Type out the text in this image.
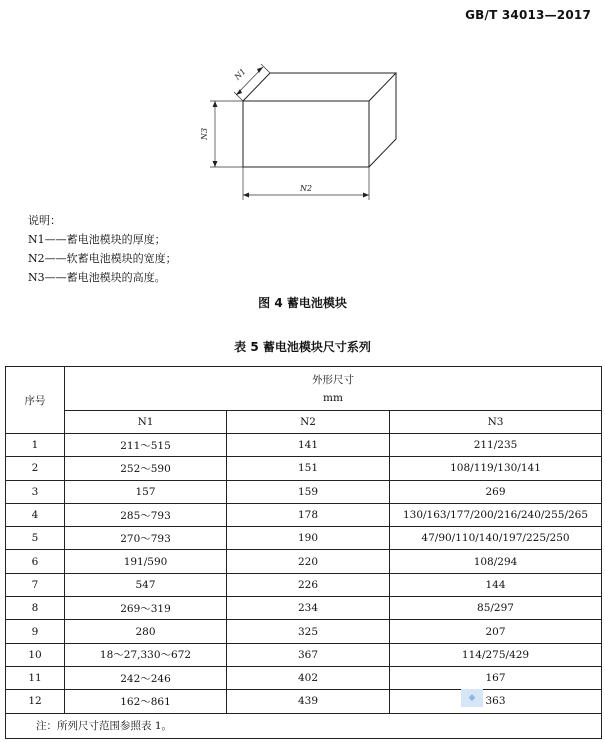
GB/T 34013—2017
N1
N3
N2
说明：
N1——蓄电池模块的厚度；
N2——软蓄电池模块的宽度；
N3——蓄电池模块的高度。
图 4 蓄电池模块
表 5 蓄电池模块尺寸系列
序号	外形尺寸
mm		

	N1	N2	N3
1	211～515	141	211/235
2	252～590	151	108/119/130/141
3	157	159	269
4	285～793	178	130/163/177/200/216/240/255/265
5	270～793	190	47/90/110/140/197/225/250
6	191/590	220	108/294
7	547	226	144
8	269～319	234	85/297
9	280	325	207
10	18～27,330～672	367	114/275/429
11	242～246	402	167
12	162～861	439	363
注：所列尺寸范围参照表 1。			
◆
